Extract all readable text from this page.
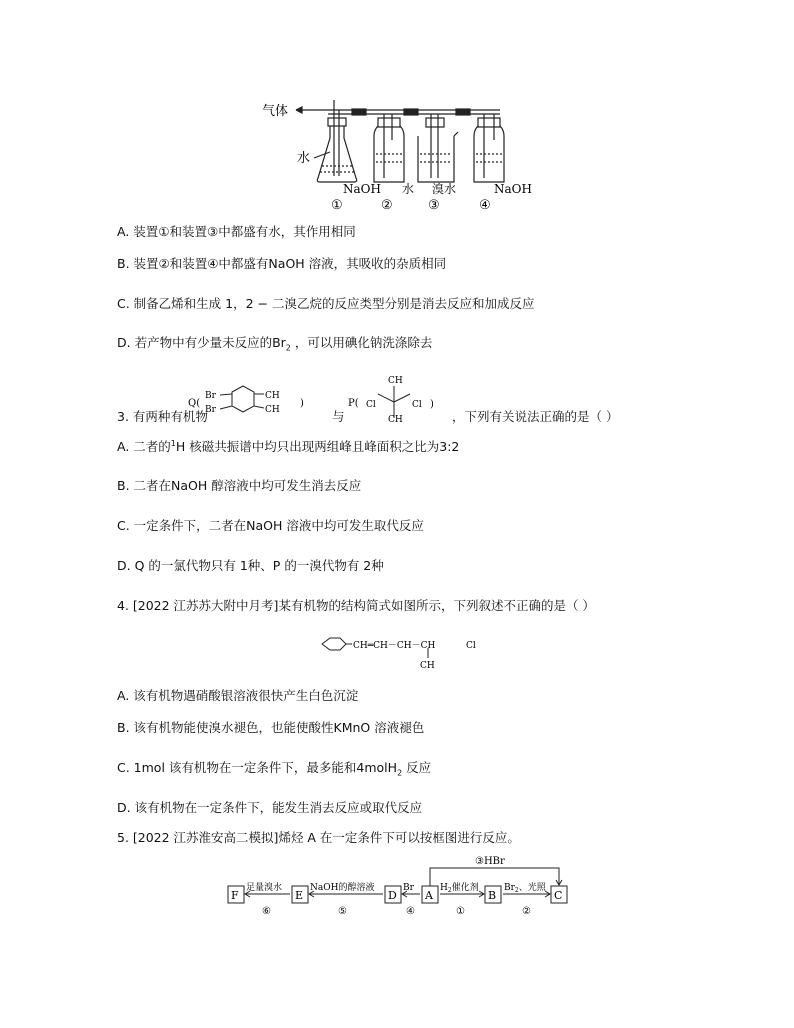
气体
水
NaOH 水 溴水	NaOH
①	②	③	④
A. 装置①和装置③中都盛有水，其作用相同
B. 装置②和装置④中都盛有NaOH 溶液，其吸收的杂质相同
C. 制备乙烯和生成 1，2 − 二溴乙烷的反应类型分别是消去反应和加成反应
D. 若产物中有少量未反应的$Br_2$ ，可以用碘化钠洗涤除去
3. 有两种有机物
Q(
Br
Br
CH
CH
)
与
P(
CH
Cl	Cl
CH
)
，下列有关说法正确的是（ ）
A. 二者的$^1$H 核磁共振谱中均只出现两组峰且峰面积之比为3:2
B. 二者在NaOH 醇溶液中均可发生消去反应
C. 一定条件下，二者在NaOH 溶液中均可发生取代反应
D. Q 的一氯代物只有 1种、P 的一溴代物有 2种
4. [2022 江苏苏大附中月考]某有机物的结构简式如图所示，下列叙述不正确的是（ ）
CH═CH－CH－CH	Cl
CH
A. 该有机物遇硝酸银溶液很快产生白色沉淀
B. 该有机物能使溴水褪色，也能使酸性KMnO 溶液褪色
C. 1mol 该有机物在一定条件下，最多能和4molH$_2$ 反应
D. 该有机物在一定条件下，能发生消去反应或取代反应
5. [2022 江苏淮安高二模拟]烯烃 A 在一定条件下可以按框图进行反应。
F	E	D	A	B	C
足量溴水	NaOH的醇溶液	Br	$H_2$催化剂	$Br_2$、光照
③HBr
⑥	⑤	④	①	②
